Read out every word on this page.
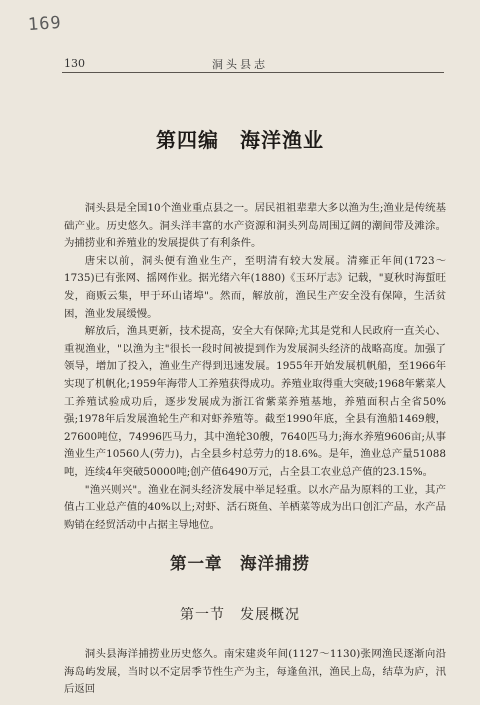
169
130	洞头县志
第四编　海洋渔业

洞头县是全国10个渔业重点县之一。居民祖祖辈辈大多以渔为生;渔业是传统基础产业。历史悠久。洞头洋丰富的水产资源和洞头列岛周围辽阔的潮间带及滩涂。为捕捞业和养殖业的发展提供了有利条件。

唐宋以前，洞头便有渔业生产，至明清有较大发展。清雍正年间(1723～1735)已有张网、摇网作业。据光绪六年(1880)《玉环厅志》记载，"夏秋时海蜇旺发，商贩云集，甲于环山诸埠"。然而，解放前，渔民生产安全没有保障，生活贫困，渔业发展缓慢。

解放后，渔具更新，技术提高，安全大有保障;尤其是党和人民政府一直关心、重视渔业，"以渔为主"很长一段时间被提到作为发展洞头经济的战略高度。加强了领导，增加了投入，渔业生产得到迅速发展。1955年开始发展机帆船，至1966年实现了机帆化;1959年海带人工养殖获得成功。养殖业取得重大突破;1968年紫菜人工养殖试验成功后，逐步发展成为浙江省紫菜养殖基地，养殖面积占全省50%强;1978年后发展渔轮生产和对虾养殖等。截至1990年底，全县有渔船1469艘，27600吨位，74996匹马力，其中渔轮30艘，7640匹马力;海水养殖9606亩;从事渔业生产10560人(劳力)，占全县乡村总劳力的18.6%。是年，渔业总产量51088吨，连续4年突破50000吨;创产值6490万元，占全县工农业总产值的23.15%。

"渔兴则兴"。渔业在洞头经济发展中举足轻重。以水产品为原料的工业，其产值占工业总产值的40%以上;对虾、活石斑鱼、羊栖菜等成为出口创汇产品，水产品购销在经贸活动中占据主导地位。

第一章　海洋捕捞
第一节　发展概况

洞头县海洋捕捞业历史悠久。南宋建炎年间(1127～1130)张网渔民逐渐向沿海岛屿发展，当时以不定居季节性生产为主，每逢鱼汛，渔民上岛，结草为庐，汛后返回
